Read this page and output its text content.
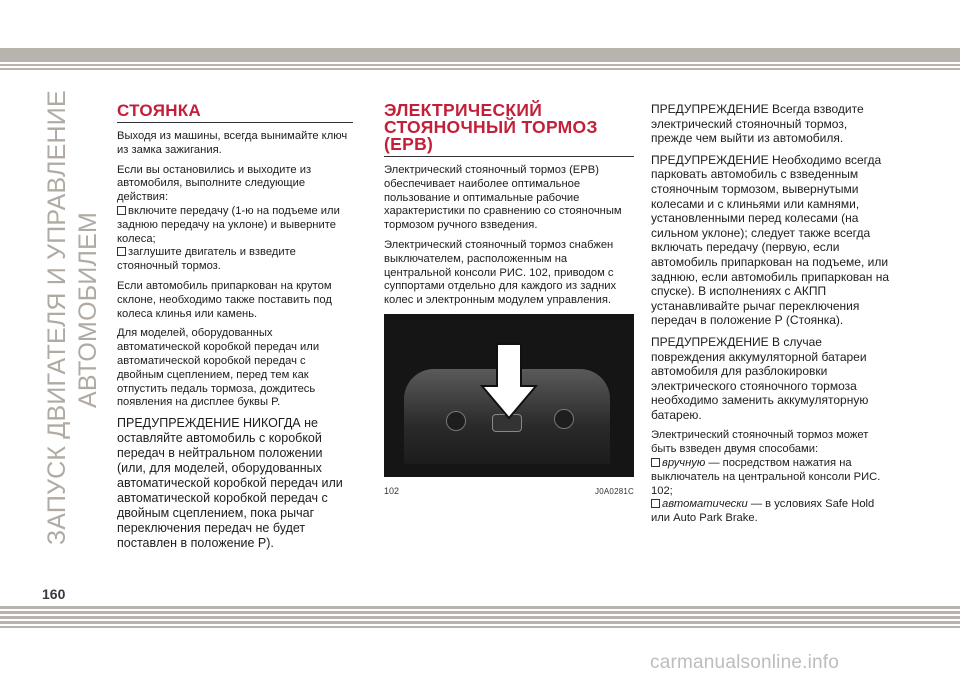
ЗАПУСК ДВИГАТЕЛЯ И УПРАВЛЕНИЕ АВТОМОБИЛЕМ
СТОЯНКА

Выходя из машины, всегда вынимайте ключ из замка зажигания.

Если вы остановились и выходите из автомобиля, выполните следующие действия:
включите передачу (1-ю на подъеме или заднюю передачу на уклоне) и выверните колеса;
заглушите двигатель и взведите стояночный тормоз.

Если автомобиль припаркован на крутом склоне, необходимо также поставить под колеса клинья или камень.

Для моделей, оборудованных автоматической коробкой передач или автоматической коробкой передач с двойным сцеплением, перед тем как отпустить педаль тормоза, дождитесь появления на дисплее буквы P.

ПРЕДУПРЕЖДЕНИЕ НИКОГДА не оставляйте автомобиль с коробкой передач в нейтральном положении (или, для моделей, оборудованных автоматической коробкой передач или автоматической коробкой передач с двойным сцеплением, пока рычаг переключения передач не будет поставлен в положение Р).

ЭЛЕКТРИЧЕСКИЙ
СТОЯНОЧНЫЙ ТОРМОЗ
(EPB)

Электрический стояночный тормоз (EPB) обеспечивает наиболее оптимальное пользование и оптимальные рабочие характеристики по сравнению со стояночным тормозом ручного взведения.

Электрический стояночный тормоз снабжен выключателем, расположенным на центральной консоли РИС. 102, приводом с суппортами отдельно для каждого из задних колес и электронным модулем управления.

102	J0A0281C

ПРЕДУПРЕЖДЕНИЕ Всегда взводите электрический стояночный тормоз, прежде чем выйти из автомобиля.

ПРЕДУПРЕЖДЕНИЕ Необходимо всегда парковать автомобиль с взведенным стояночным тормозом, вывернутыми колесами и с клиньями или камнями, установленными перед колесами (на сильном уклоне); следует также всегда включать передачу (первую, если автомобиль припаркован на подъеме, или заднюю, если автомобиль припаркован на спуске). В исполнениях с АКПП устанавливайте рычаг переключения передач в положение Р (Стоянка).

ПРЕДУПРЕЖДЕНИЕ В случае повреждения аккумуляторной батареи автомобиля для разблокировки электрического стояночного тормоза необходимо заменить аккумуляторную батарею.

Электрический стояночный тормоз может быть взведен двумя способами:
вручную — посредством нажатия на выключатель на центральной консоли РИС. 102;
автоматически — в условиях Safe Hold или Auto Park Brake.

160
carmanualsonline.info
